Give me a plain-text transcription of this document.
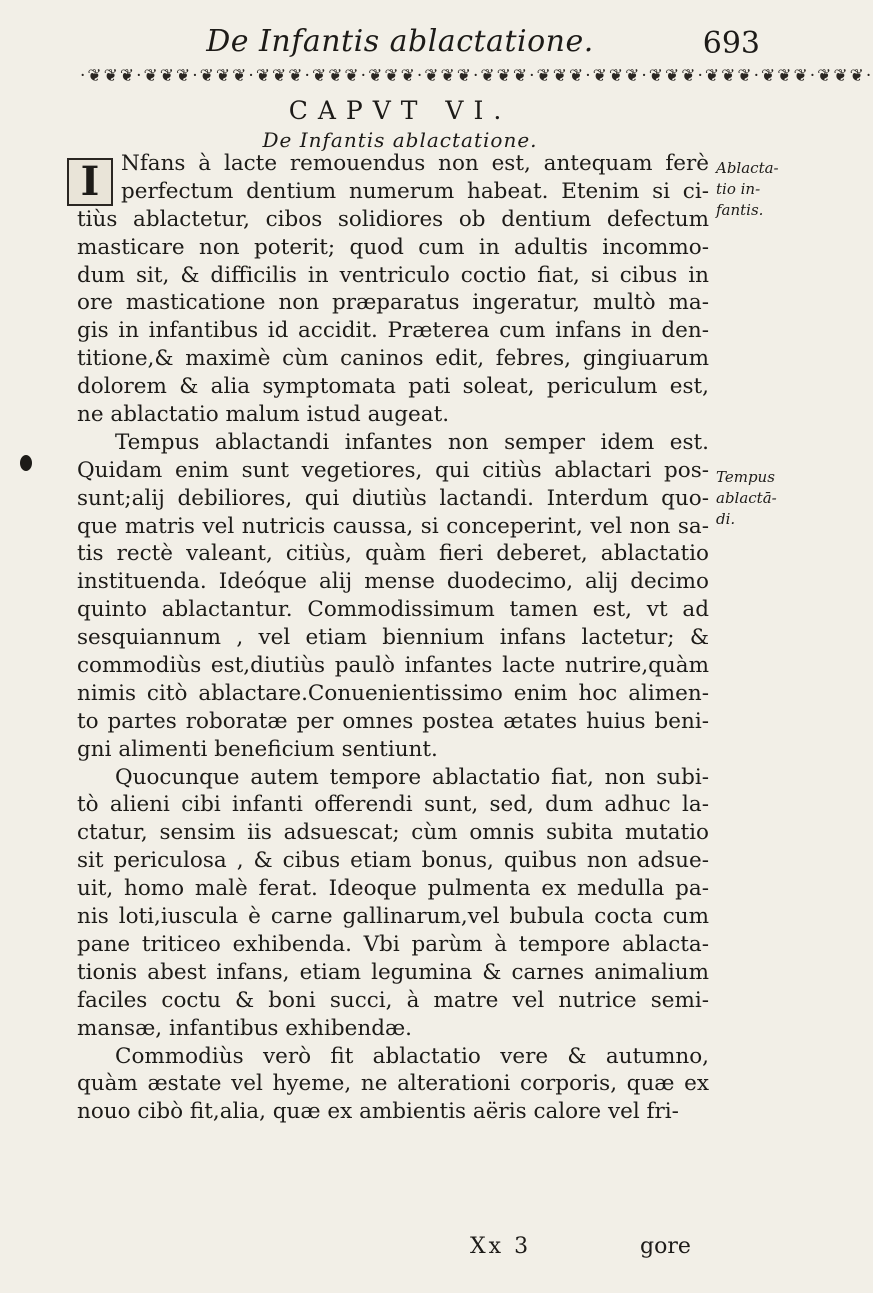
De Infantis ablactatione.	693
·❦❦❦·❦❦❦·❦❦❦·❦❦❦·❦❦❦·❦❦❦·❦❦❦·❦❦❦·❦❦❦·❦❦❦·❦❦❦·❦❦❦·❦❦❦·❦❦❦·
CAPVT VI.
De Infantis ablactatione.
I	Nfans à lacte remouendus non est, antequam ferè
perfectum dentium numerum habeat. Etenim si ci-
tiùs ablactetur, cibos solidiores ob dentium defectum
masticare non poterit; quod cum in adultis incommo-
dum sit, & difficilis in ventriculo coctio fiat, si cibus in
ore masticatione non præparatus ingeratur, multò ma-
gis in infantibus id accidit. Præterea cum infans in den-
titione,& maximè cùm caninos edit, febres, gingiuarum
dolorem & alia symptomata pati soleat, periculum est,
ne ablactatio malum istud augeat.
Tempus ablactandi infantes non semper idem est.
Quidam enim sunt vegetiores, qui citiùs ablactari pos-
sunt;alij debiliores, qui diutiùs lactandi. Interdum quo-
que matris vel nutricis caussa, si conceperint, vel non sa-
tis rectè valeant, citiùs, quàm fieri deberet, ablactatio
instituenda. Ideóque alij mense duodecimo, alij decimo
quinto ablactantur. Commodissimum tamen est, vt ad
sesquiannum , vel etiam biennium infans lactetur; &
commodiùs est,diutiùs paulò infantes lacte nutrire,quàm
nimis citò ablactare.Conuenientissimo enim hoc alimen-
to partes roboratæ per omnes postea ætates huius beni-
gni alimenti beneficium sentiunt.
Quocunque autem tempore ablactatio fiat, non subi-
tò alieni cibi infanti offerendi sunt, sed, dum adhuc la-
ctatur, sensim iis adsuescat; cùm omnis subita mutatio
sit periculosa , & cibus etiam bonus, quibus non adsue-
uit, homo malè ferat. Ideoque pulmenta ex medulla pa-
nis loti,iuscula è carne gallinarum,vel bubula cocta cum
pane triticeo exhibenda. Vbi parùm à tempore ablacta-
tionis abest infans, etiam legumina & carnes animalium
faciles coctu & boni succi, à matre vel nutrice semi-
mansæ, infantibus exhibendæ.
Commodiùs verò fit ablactatio vere & autumno,
quàm æstate vel hyeme, ne alterationi corporis, quæ ex
nouo cibò fit,alia, quæ ex ambientis aëris calore vel fri-
Ablacta-
tio in-
fantis.
Tempus
ablactā-
di.
Xx 3	gore
